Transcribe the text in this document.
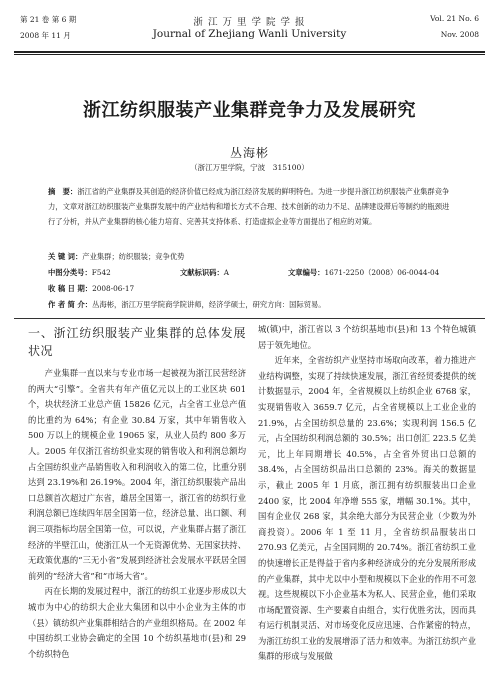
第 21 卷 第 6 期	浙 江 万 里 学 院 学 报	Vol. 21 No. 6
2008 年 11 月	Journal of Zhejiang Wanli University	Nov. 2008
浙江纺织服装产业集群竞争力及发展研究
丛海彬
（浙江万里学院，宁波　315100）
摘　要：浙江省的产业集群及其创造的经济价值已经成为浙江经济发展的鲜明特色。为进一步提升浙江纺织服装产业集群竞争力，文章对浙江纺织服装产业集群发展中的产业结构和增长方式不合理、技术创新的动力不足、品牌建设滞后等制约的瓶颈进行了分析，并从产业集群的核心能力培育、完善其支持体系、打造虚拟企业等方面提出了相应的对策。
关 键 词：产业集群；纺织服装；竞争优势
中图分类号：F542	文献标识码：A	文章编号：1671-2250（2008）06-0044-04
收 稿 日 期：2008-06-17
作 者 简 介：丛海彬，浙江万里学院商学院讲师，经济学硕士，研究方向：国际贸易。
一、浙江纺织服装产业集群的总体发展状况

产业集群一直以来与专业市场一起被视为浙江民营经济的两大“引擎”。全省共有年产值亿元以上的工业区块 601 个，块状经济工业总产值 15826 亿元，占全省工业总产值的比重约为 64%；有企业 30.84 万家，其中年销售收入 500 万以上的规模企业 19065 家，从业人员约 800 多万人。2005 年仅浙江省纺织业实现的销售收入和利润总额均占全国纺织业产品销售收入和利润收入的第二位，比重分别达到 23.19%和 26.19%。2004 年，浙江纺织服装产品出口总额首次超过广东省，雄居全国第一，浙江省的纺织行业利润总额已连续四年居全国第一位，经济总量、出口额、利润三项指标均居全国第一位，可以说，产业集群占据了浙江经济的半壁江山，使浙江从一个无资源优势、无国家扶持、无政策优惠的“三无小省”发展到经济社会发展水平跃居全国前列的“经济大省”和“市场大省”。

丙在长期的发展过程中，浙江的纺织工业逐步形成以大城市为中心的纺织大企业大集团和以中小企业为主体的市（县）镇纺织产业集群相结合的产业组织格局。在 2002 年中国纺织工业协会确定的全国 10 个纺织基地市(县)和 29 个纺织特色

城(镇)中，浙江省以 3 个纺织基地市(县)和 13 个特色城镇居于领先地位。

近年来，全省纺织产业坚持市场取向改革，着力推进产业结构调整，实现了持续快速发展，浙江省经贸委提供的统计数据显示，2004 年，全省规模以上纺织企业 6768 家，实现销售收入 3659.7 亿元，占全省规模以上工业企业的 21.9%，占全国纺织总量的 23.6%；实现利润 156.5 亿元，占全国纺织利润总额的 30.5%；出口创汇 223.5 亿美元，比上年同期增长 40.5%，占全省外贸出口总额的 38.4%，占全国纺织品出口总额的 23%。海关的数据显示，截止 2005 年 1 月底，浙江拥有纺织服装出口企业 2400 家，比 2004 年净增 555 家，增幅 30.1%。其中，国有企业仅 268 家，其余绝大部分为民营企业（少数为外商投资）。2006 年 1 至 11 月，全省纺织品服装出口 270.93 亿美元，占全国同期的 20.74%。浙江省纺织工业的快速增长正是得益于省内多种经济成分的充分发展所形成的产业集群，其中尤以中小型和规模以下企业的作用不可忽视。这些规模以下小企业基本为私人、民营企业，他们采取市场配置资源、生产要素自由组合，实行优胜劣汰，因而具有运行机制灵活、对市场变化反应迅速、合作紧密的特点，为浙江纺织工业的发展增添了活力和效率。为浙江纺织产业集群的形成与发展做
